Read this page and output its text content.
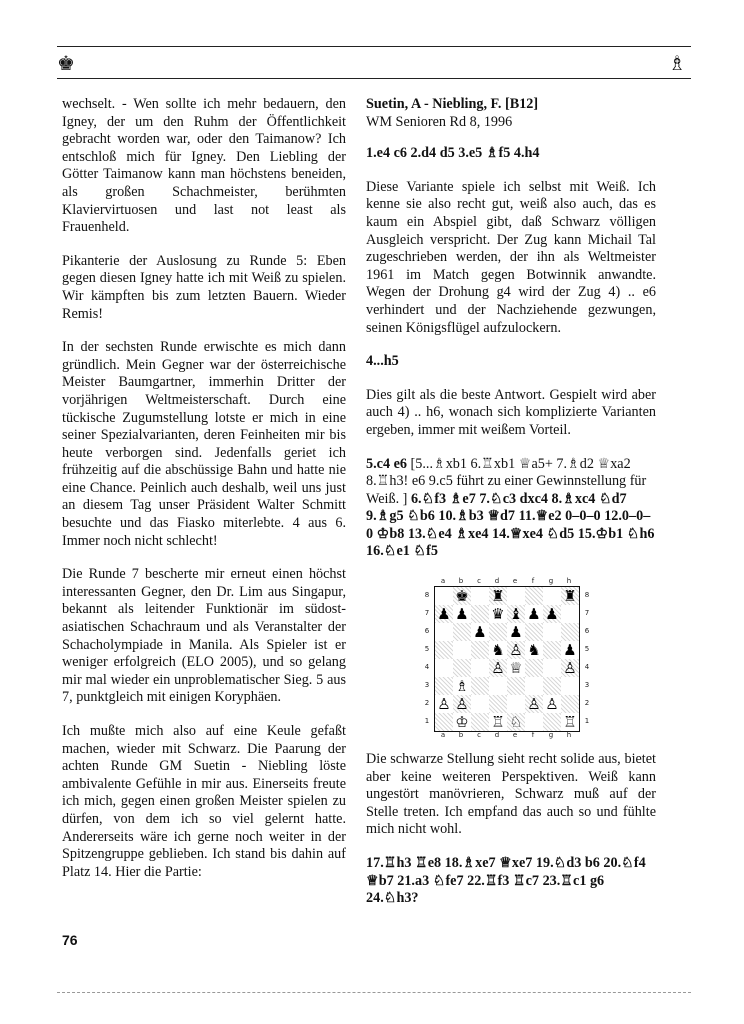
♚	♗

wechselt. - Wen sollte ich mehr bedauern, den Igney, der um den Ruhm der Öffentlichkeit gebracht worden war, oder den Taimanow? Ich entschloß mich für Igney. Den Liebling der Götter Taimanow kann man höchstens beneiden, als großen Schachmeister, berühmten Klaviervirtuosen und last not least als Frauenheld.

Pikanterie der Auslosung zu Runde 5: Eben gegen diesen Igney hatte ich mit Weiß zu spielen. Wir kämpften bis zum letzten Bauern. Wieder Remis!

In der sechsten Runde erwischte es mich dann gründlich. Mein Gegner war der österreichische Meister Baumgartner, immerhin Dritter der vorjährigen Weltmeisterschaft. Durch eine tückische Zugumstellung lotste er mich in eine seiner Spezialvarianten, deren Feinheiten mir bis heute verborgen sind. Jedenfalls geriet ich frühzeitig auf die abschüssige Bahn und hatte nie eine Chance. Peinlich auch deshalb, weil uns just an diesem Tag unser Präsident Walter Schmitt besuchte und das Fiasko miterlebte. 4 aus 6. Immer noch nicht schlecht!

Die Runde 7 bescherte mir erneut einen höchst interessanten Gegner, den Dr. Lim aus Singapur, bekannt als leitender Funktionär im südost-asiatischen Schachraum und als Veranstalter der Schacholympiade in Manila. Als Spieler ist er weniger erfolgreich (ELO 2005), und so gelang mir mal wieder ein unproblematischer Sieg. 5 aus 7, punktgleich mit einigen Koryphäen.

Ich mußte mich also auf eine Keule gefaßt machen, wieder mit Schwarz. Die Paarung der achten Runde GM Suetin - Niebling löste ambivalente Gefühle in mir aus. Einerseits freute ich mich, gegen einen großen Meister spielen zu dürfen, von dem ich so viel gelernt hatte. Andererseits wäre ich gerne noch weiter in der Spitzengruppe geblieben. Ich stand bis dahin auf Platz 14. Hier die Partie:

Suetin, A - Niebling, F. [B12]
WM Senioren Rd 8, 1996

1.e4 c6 2.d4 d5 3.e5 ♗f5 4.h4

Diese Variante spiele ich selbst mit Weiß. Ich kenne sie also recht gut, weiß also auch, das es kaum ein Abspiel gibt, daß Schwarz völligen Ausgleich verspricht. Der Zug kann Michail Tal zugeschrieben werden, der ihn als Weltmeister 1961 im Match gegen Botwinnik anwandte. Wegen der Drohung g4 wird der Zug 4) .. e6 verhindert und der Nachziehende gezwungen, seinen Königsflügel aufzulockern.

4...h5

Dies gilt als die beste Antwort. Gespielt wird aber auch 4) .. h6, wonach sich komplizierte Varianten ergeben, immer mit weißem Vorteil.

5.c4 e6 [5...♗xb1 6.♖xb1 ♕a5+ 7.♗d2 ♕xa2 8.♖h3! e6 9.c5 führt zu einer Gewinnstellung für Weiß. ] 6.♘f3 ♗e7 7.♘c3 dxc4 8.♗xc4 ♘d7 9.♗g5 ♘b6 10.♗b3 ♕d7 11.♕e2 0–0–0 12.0–0–0 ♔b8 13.♘e4 ♗xe4 14.♕xe4 ♘d5 15.♔b1 ♘h6 16.♘e1 ♘f5

a	b	c	d	e	f	g	h
8
7
6
5
4
3
2
1
♚ ♜	♜
♟ ♟ ♛ ♝ ♟ ♟
♟ ♟
♞ ♙ ♞ ♟
♙ ♕	♙
♗
♙ ♙	♙ ♙
♔ ♖ ♘	♖
8
7
6
5
4
3
2
1
a	b	c	d	e	f	g	h

Die schwarze Stellung sieht recht solide aus, bietet aber keine weiteren Perspektiven. Weiß kann ungestört manövrieren, Schwarz muß auf der Stelle treten. Ich empfand das auch so und fühlte mich nicht wohl.

17.♖h3 ♖e8 18.♗xe7 ♕xe7 19.♘d3 b6 20.♘f4 ♕b7 21.a3 ♘fe7 22.♖f3 ♖c7 23.♖c1 g6 24.♘h3?

76
